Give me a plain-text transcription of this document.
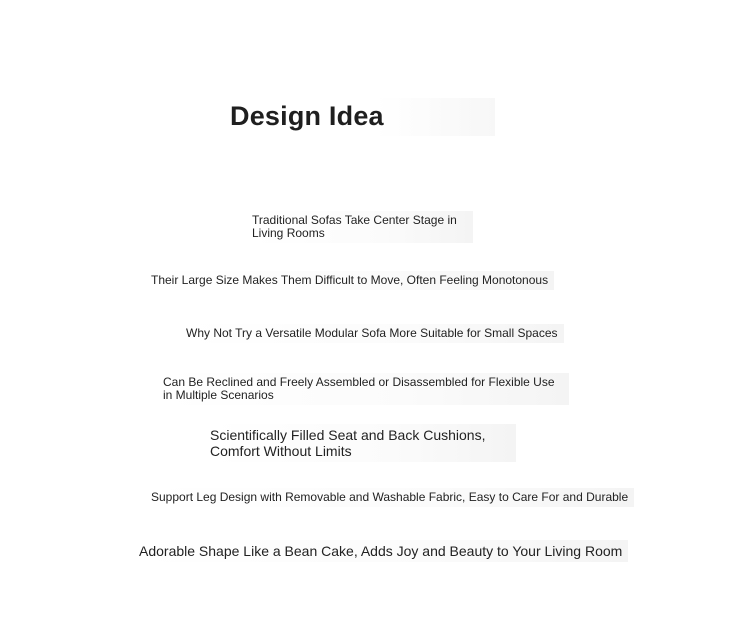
Design Idea
Traditional Sofas Take Center Stage in Living Rooms
Their Large Size Makes Them Difficult to Move, Often Feeling Monotonous
Why Not Try a Versatile Modular Sofa More Suitable for Small Spaces
Can Be Reclined and Freely Assembled or Disassembled for Flexible Use in Multiple Scenarios
Scientifically Filled Seat and Back Cushions, Comfort Without Limits
Support Leg Design with Removable and Washable Fabric, Easy to Care For and Durable
Adorable Shape Like a Bean Cake, Adds Joy and Beauty to Your Living Room
